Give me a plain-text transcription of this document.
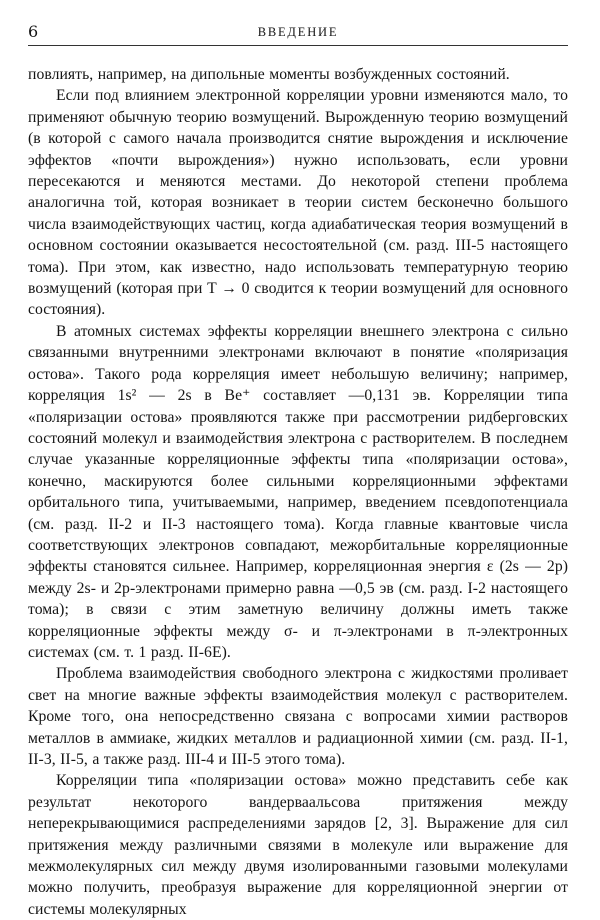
6	ВВЕДЕНИЕ

повлиять, например, на дипольные моменты возбужденных состояний.

Если под влиянием электронной корреляции уровни изменяются мало, то применяют обычную теорию возмущений. Вырожденную теорию возмущений (в которой с самого начала производится снятие вырождения и исключение эффектов «почти вырождения») нужно использовать, если уровни пересекаются и меняются местами. До некоторой степени проблема аналогична той, которая возникает в теории систем бесконечно большого числа взаимодействующих частиц, когда адиабатическая теория возмущений в основном состоянии оказывается несостоятельной (см. разд. III-5 настоящего тома). При этом, как известно, надо использовать температурную теорию возмущений (которая при T → 0 сводится к теории возмущений для основного состояния).

В атомных системах эффекты корреляции внешнего электрона с сильно связанными внутренними электронами включают в понятие «поляризация остова». Такого рода корреляция имеет небольшую величину; например, корреляция 1s² — 2s в Be⁺ составляет —0,131 эв. Корреляции типа «поляризации остова» проявляются также при рассмотрении ридберговских состояний молекул и взаимодействия электрона с растворителем. В последнем случае указанные корреляционные эффекты типа «поляризации остова», конечно, маскируются более сильными корреляционными эффектами орбитального типа, учитываемыми, например, введением псевдопотенциала (см. разд. II-2 и II-3 настоящего тома). Когда главные квантовые числа соответствующих электронов совпадают, межорбитальные корреляционные эффекты становятся сильнее. Например, корреляционная энергия ε (2s — 2p) между 2s- и 2p-электронами примерно равна —0,5 эв (см. разд. I-2 настоящего тома); в связи с этим заметную величину должны иметь также корреляционные эффекты между σ- и π-электронами в π-электронных системах (см. т. 1 разд. II-6E).

Проблема взаимодействия свободного электрона с жидкостями проливает свет на многие важные эффекты взаимодействия молекул с растворителем. Кроме того, она непосредственно связана с вопросами химии растворов металлов в аммиаке, жидких металлов и радиационной химии (см. разд. II-1, II-3, II-5, а также разд. III-4 и III-5 этого тома).

Корреляции типа «поляризации остова» можно представить себе как результат некоторого вандерваальсова притяжения между неперекрывающимися распределениями зарядов [2, 3]. Выражение для сил притяжения между различными связями в молекуле или выражение для межмолекулярных сил между двумя изолированными газовыми молекулами можно получить, преобразуя выражение для корреляционной энергии от системы молекулярных
